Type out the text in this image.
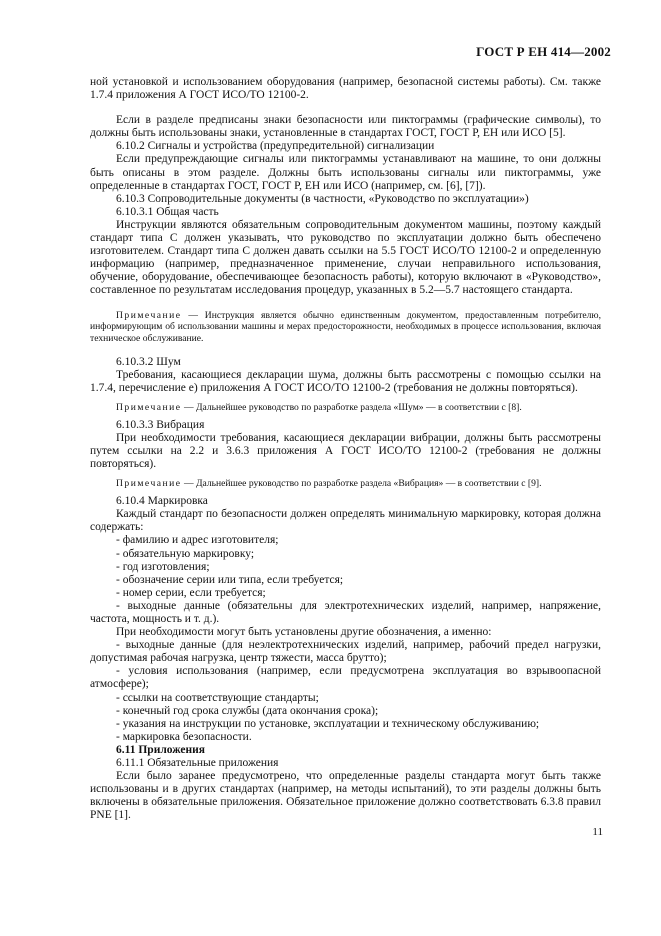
ГОСТ Р ЕН 414—2002

ной установкой и использованием оборудования (например, безопасной системы работы). См. также 1.7.4 приложения А ГОСТ ИСО/ТО 12100-2.

Если в разделе предписаны знаки безопасности или пиктограммы (графические символы), то должны быть использованы знаки, установленные в стандартах ГОСТ, ГОСТ Р, ЕН или ИСО [5].

6.10.2 Сигналы и устройства (предупредительной) сигнализации

Если предупреждающие сигналы или пиктограммы устанавливают на машине, то они должны быть описаны в этом разделе. Должны быть использованы сигналы или пиктограммы, уже определенные в стандартах ГОСТ, ГОСТ Р, ЕН или ИСО (например, см. [6], [7]).

6.10.3 Сопроводительные документы (в частности, «Руководство по эксплуатации»)

6.10.3.1 Общая часть

Инструкции являются обязательным сопроводительным документом машины, поэтому каждый стандарт типа С должен указывать, что руководство по эксплуатации должно быть обеспечено изготовителем. Стандарт типа С должен давать ссылки на 5.5 ГОСТ ИСО/ТО 12100-2 и определенную информацию (например, предназначенное применение, случаи неправильного использования, обучение, оборудование, обеспечивающее безопасность работы), которую включают в «Руководство», составленное по результатам исследования процедур, указанных в 5.2—5.7 настоящего стандарта.

Примечание — Инструкция является обычно единственным документом, предоставленным потребителю, информирующим об использовании машины и мерах предосторожности, необходимых в процессе использования, включая техническое обслуживание.

6.10.3.2 Шум

Требования, касающиеся декларации шума, должны быть рассмотрены с помощью ссылки на 1.7.4, перечисление е) приложения А ГОСТ ИСО/ТО 12100-2 (требования не должны повторяться).

Примечание — Дальнейшее руководство по разработке раздела «Шум» — в соответствии с [8].

6.10.3.3 Вибрация

При необходимости требования, касающиеся декларации вибрации, должны быть рассмотрены путем ссылки на 2.2 и 3.6.3 приложения А ГОСТ ИСО/ТО 12100-2 (требования не должны повторяться).

Примечание — Дальнейшее руководство по разработке раздела «Вибрация» — в соответствии с [9].

6.10.4 Маркировка

Каждый стандарт по безопасности должен определять минимальную маркировку, которая должна содержать:

- фамилию и адрес изготовителя;

- обязательную маркировку;

- год изготовления;

- обозначение серии или типа, если требуется;

- номер серии, если требуется;

- выходные данные (обязательны для электротехнических изделий, например, напряжение, частота, мощность и т. д.).

При необходимости могут быть установлены другие обозначения, а именно:

- выходные данные (для неэлектротехнических изделий, например, рабочий предел нагрузки, допустимая рабочая нагрузка, центр тяжести, масса брутто);

- условия использования (например, если предусмотрена эксплуатация во взрывоопасной атмосфере);

- ссылки на соответствующие стандарты;

- конечный год срока службы (дата окончания срока);

- указания на инструкции по установке, эксплуатации и техническому обслуживанию;

- маркировка безопасности.

6.11 Приложения

6.11.1 Обязательные приложения

Если было заранее предусмотрено, что определенные разделы стандарта могут быть также использованы и в других стандартах (например, на методы испытаний), то эти разделы должны быть включены в обязательные приложения. Обязательное приложение должно соответствовать 6.3.8 правил PNE [1].

11
